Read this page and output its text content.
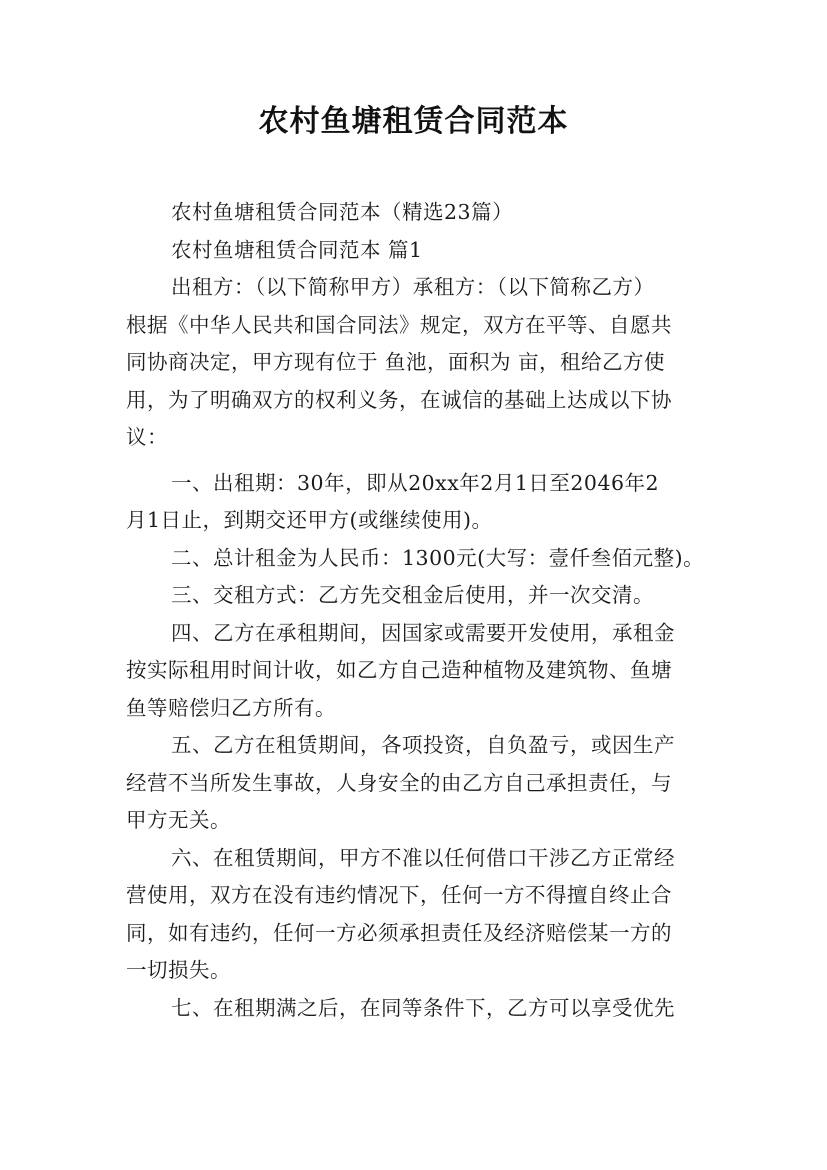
农村鱼塘租赁合同范本
农村鱼塘租赁合同范本（精选23篇）
农村鱼塘租赁合同范本 篇1
出租方：（以下简称甲方）承租方：（以下简称乙方）
根据《中华人民共和国合同法》规定，双方在平等、自愿共
同协商决定，甲方现有位于 鱼池，面积为 亩，租给乙方使
用，为了明确双方的权利义务，在诚信的基础上达成以下协
议：
一、出租期：30年，即从20xx年2月1日至2046年2
月1日止，到期交还甲方(或继续使用)。
二、总计租金为人民币：1300元(大写：壹仟叁佰元整)。
三、交租方式：乙方先交租金后使用，并一次交清。
四、乙方在承租期间，因国家或需要开发使用，承租金
按实际租用时间计收，如乙方自己造种植物及建筑物、鱼塘
鱼等赔偿归乙方所有。
五、乙方在租赁期间，各项投资，自负盈亏，或因生产
经营不当所发生事故，人身安全的由乙方自己承担责任，与
甲方无关。
六、在租赁期间，甲方不准以任何借口干涉乙方正常经
营使用，双方在没有违约情况下，任何一方不得擅自终止合
同，如有违约，任何一方必须承担责任及经济赔偿某一方的
一切损失。
七、在租期满之后，在同等条件下，乙方可以享受优先
